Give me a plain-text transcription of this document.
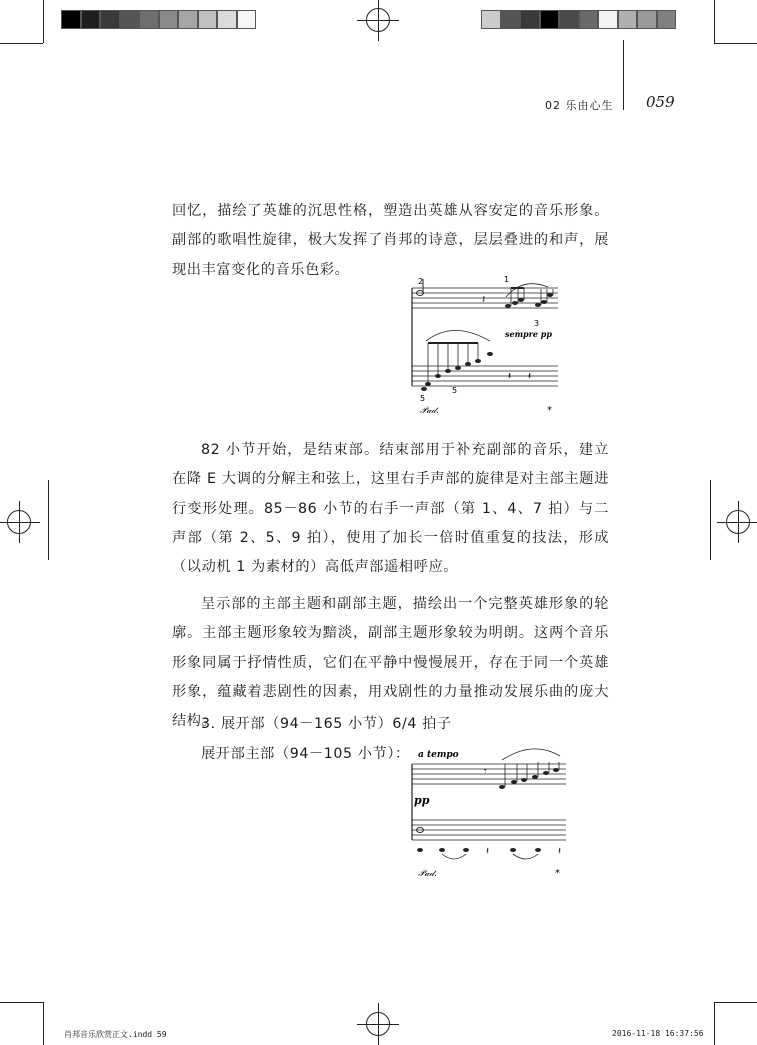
02 乐由心生 059

回忆，描绘了英雄的沉思性格，塑造出英雄从容安定的音乐形象。副部的歌唱性旋律，极大发挥了肖邦的诗意，层层叠进的和声，展现出丰富变化的音乐色彩。

𝄽
2	1
3
sempre pp
𝄽 𝄽
5
5
𝒫𝒶𝒹.	*

82 小节开始，是结束部。结束部用于补充副部的音乐，建立在降 E 大调的分解主和弦上，这里右手声部的旋律是对主部主题进行变形处理。85－86 小节的右手一声部（第 1、4、7 拍）与二声部（第 2、5、9 拍），使用了加长一倍时值重复的技法，形成（以动机 1 为素材的）高低声部遥相呼应。

呈示部的主部主题和副部主题，描绘出一个完整英雄形象的轮廓。主部主题形象较为黯淡，副部主题形象较为明朗。这两个音乐形象同属于抒情性质，它们在平静中慢慢展开，存在于同一个英雄形象，蕴藏着悲剧性的因素，用戏剧性的力量推动发展乐曲的庞大结构。

3. 展开部（94－165 小节）6/4 拍子
展开部主部（94－105 小节）： a tempo
𝄾
pp
𝄽	𝄽
𝒫𝒶𝒹.	*
肖邦音乐欣赏正文.indd 59	2016-11-18 16:37:56
